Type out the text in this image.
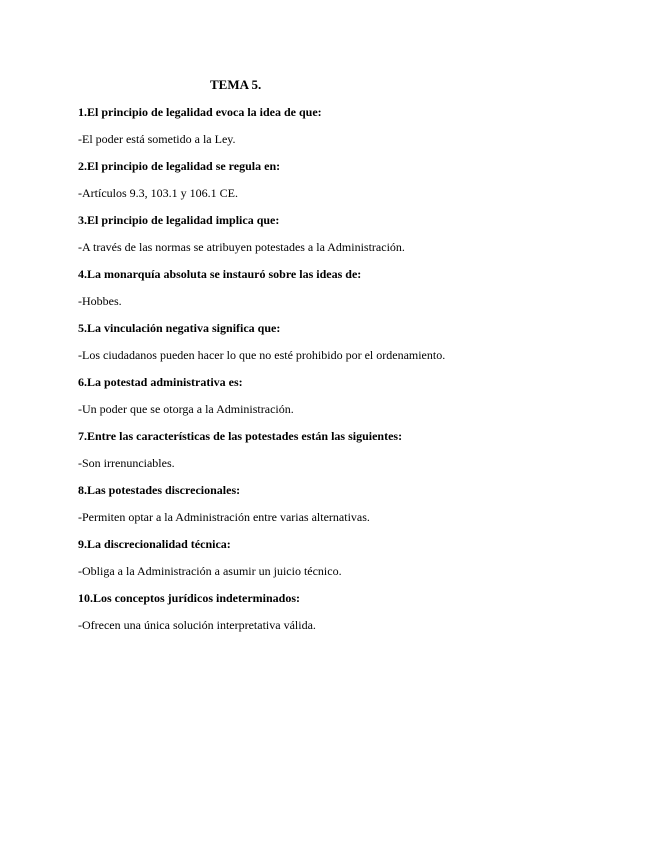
TEMA 5.
1.El principio de legalidad evoca la idea de que:
-El poder está sometido a la Ley.
2.El principio de legalidad se regula en:
-Artículos 9.3, 103.1 y 106.1 CE.
3.El principio de legalidad implica que:
-A través de las normas se atribuyen potestades a la Administración.
4.La monarquía absoluta se instauró sobre las ideas de:
-Hobbes.
5.La vinculación negativa significa que:
-Los ciudadanos pueden hacer lo que no esté prohibido por el ordenamiento.
6.La potestad administrativa es:
-Un poder que se otorga a la Administración.
7.Entre las características de las potestades están las siguientes:
-Son irrenunciables.
8.Las potestades discrecionales:
-Permiten optar a la Administración entre varias alternativas.
9.La discrecionalidad técnica:
-Obliga a la Administración a asumir un juicio técnico.
10.Los conceptos jurídicos indeterminados:
-Ofrecen una única solución interpretativa válida.
